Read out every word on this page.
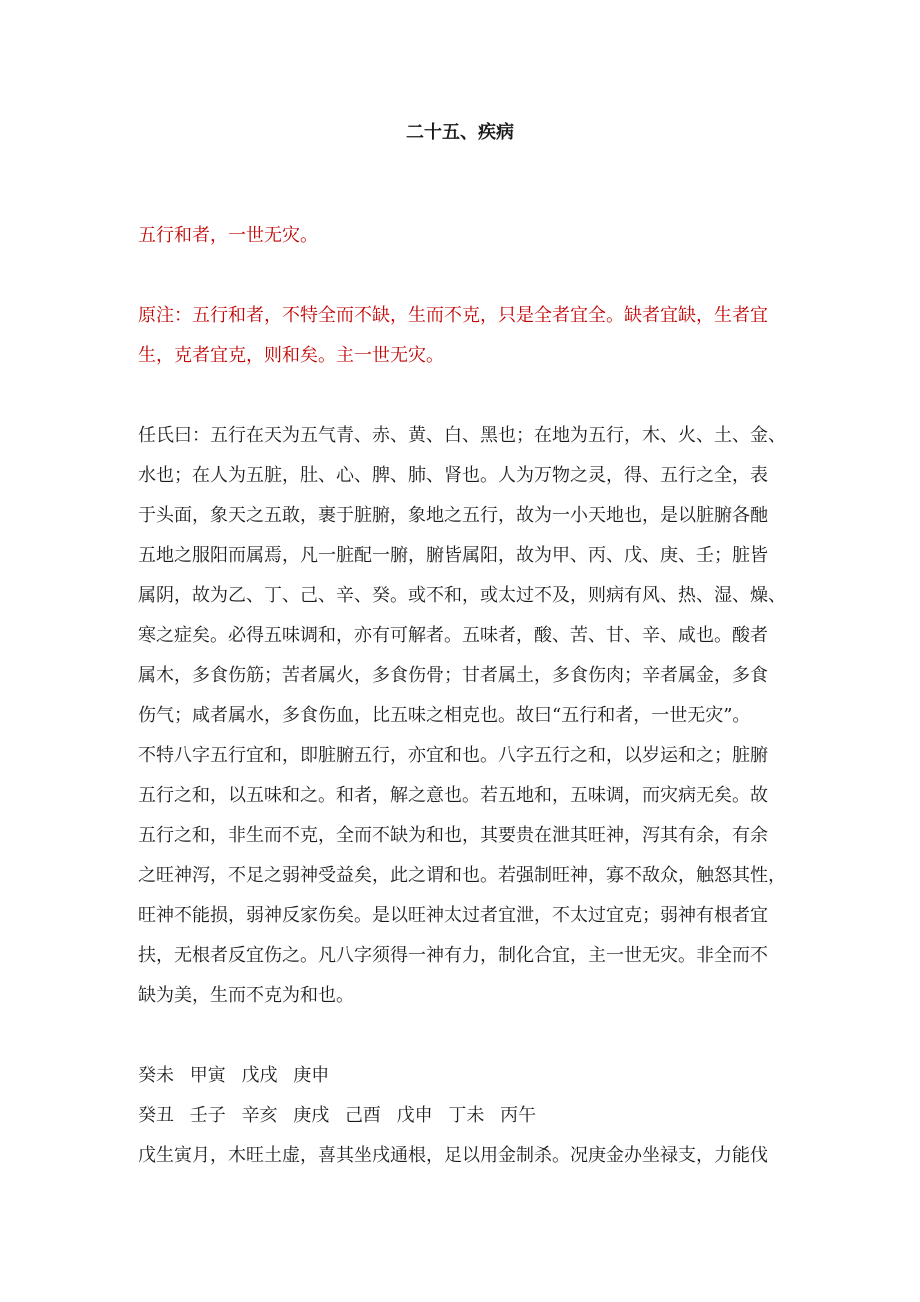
二十五、疾病

五行和者，一世无灾。

原注：五行和者，不特全而不缺，生而不克，只是全者宜全。缺者宜缺，生者宜
生，克者宜克，则和矣。主一世无灾。
任氏曰：五行在天为五气青、赤、黄、白、黑也；在地为五行，木、火、土、金、
水也；在人为五脏，肚、心、脾、肺、肾也。人为万物之灵，得、五行之全，表
于头面，象天之五敢，裹于脏腑，象地之五行，故为一小天地也，是以脏腑各酏
五地之服阳而属焉，凡一脏配一腑，腑皆属阳，故为甲、丙、戊、庚、壬；脏皆
属阴，故为乙、丁、己、辛、癸。或不和，或太过不及，则病有风、热、湿、燥、
寒之症矣。必得五味调和，亦有可解者。五味者，酸、苦、甘、辛、咸也。酸者
属木，多食伤筋；苦者属火，多食伤骨；甘者属土，多食伤肉；辛者属金，多食
伤气；咸者属水，多食伤血，比五味之相克也。故曰“五行和者，一世无灾”。
不特八字五行宜和，即脏腑五行，亦宜和也。八字五行之和，以岁运和之；脏腑
五行之和，以五味和之。和者，解之意也。若五地和，五味调，而灾病无矣。故
五行之和，非生而不克，全而不缺为和也，其要贵在泄其旺神，泻其有余，有余
之旺神泻，不足之弱神受益矣，此之谓和也。若强制旺神，寡不敌众，触怒其性，
旺神不能损，弱神反家伤矣。是以旺神太过者宜泄，不太过宜克；弱神有根者宜
扶，无根者反宜伤之。凡八字须得一神有力，制化合宜，主一世无灾。非全而不
缺为美，生而不克为和也。
癸未 甲寅 戊戌 庚申
癸丑 壬子 辛亥 庚戌 己酉 戊申 丁未 丙午
戊生寅月，木旺土虚，喜其坐戌通根，足以用金制杀。况庚金办坐禄支，力能伐
